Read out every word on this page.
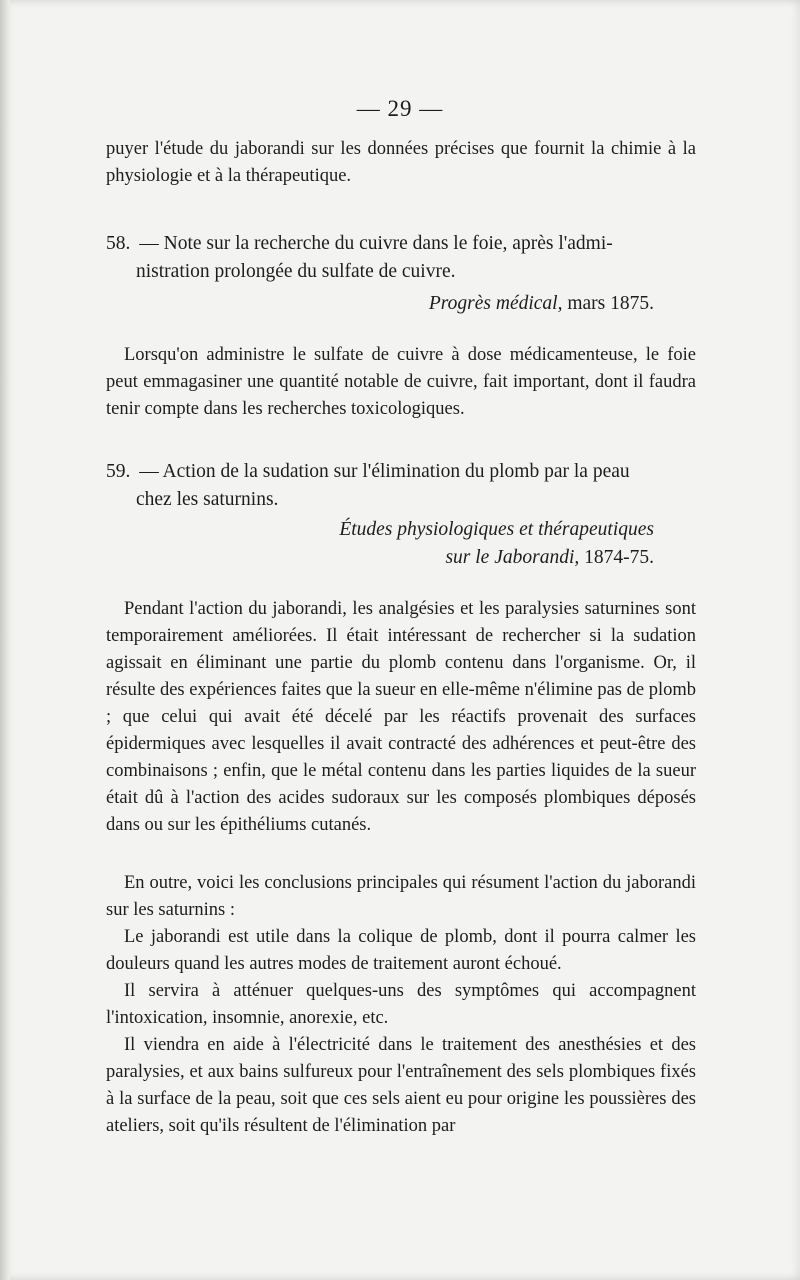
— 29 —
puyer l'étude du jaborandi sur les données précises que fournit la chimie à la physiologie et à la thérapeutique.
58. — Note sur la recherche du cuivre dans le foie, après l'admi-
nistration prolongée du sulfate de cuivre.
Progrès médical, mars 1875.
Lorsqu'on administre le sulfate de cuivre à dose médicamenteuse, le foie peut emmagasiner une quantité notable de cuivre, fait important, dont il faudra tenir compte dans les recherches toxicologiques.
59. — Action de la sudation sur l'élimination du plomb par la peau
chez les saturnins.
Études physiologiques et thérapeutiques
sur le Jaborandi, 1874-75.
Pendant l'action du jaborandi, les analgésies et les paralysies saturnines sont temporairement améliorées. Il était intéressant de rechercher si la sudation agissait en éliminant une partie du plomb contenu dans l'organisme. Or, il résulte des expériences faites que la sueur en elle-même n'élimine pas de plomb ; que celui qui avait été décelé par les réactifs provenait des surfaces épidermiques avec lesquelles il avait contracté des adhérences et peut-être des combinaisons ; enfin, que le métal contenu dans les parties liquides de la sueur était dû à l'action des acides sudoraux sur les composés plombiques déposés dans ou sur les épithéliums cutanés.
En outre, voici les conclusions principales qui résument l'action du jaborandi sur les saturnins :
Le jaborandi est utile dans la colique de plomb, dont il pourra calmer les douleurs quand les autres modes de traitement auront échoué.
Il servira à atténuer quelques-uns des symptômes qui accompagnent l'intoxication, insomnie, anorexie, etc.
Il viendra en aide à l'électricité dans le traitement des anesthésies et des paralysies, et aux bains sulfureux pour l'entraînement des sels plombiques fixés à la surface de la peau, soit que ces sels aient eu pour origine les poussières des ateliers, soit qu'ils résultent de l'élimination par
